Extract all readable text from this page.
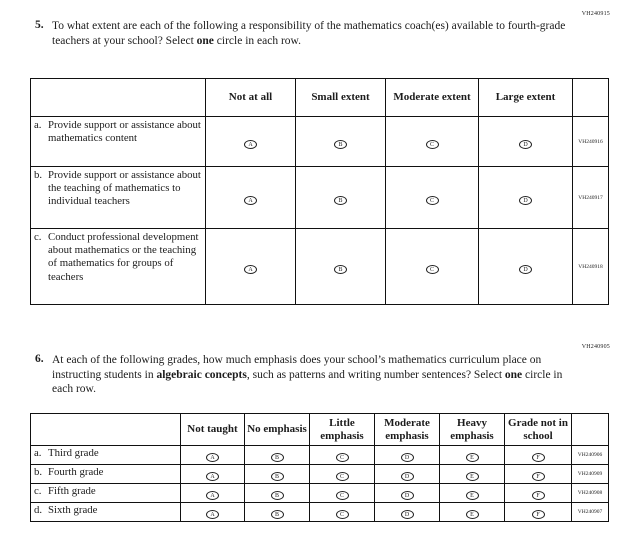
VH240915
5. To what extent are each of the following a responsibility of the mathematics coach(es) available to fourth-grade teachers at your school? Select one circle in each row.
	Not at all	Small extent	Moderate extent	Large extent	

a. Provide support or assistance about mathematics content	A	B	C	D	VH240916

b. Provide support or assistance about the teaching of mathematics to individual teachers	A	B	C	D	VH240917

c. Conduct professional development about mathematics or the teaching of mathematics for groups of teachers	A	B	C	D	VH240918
VH240905
6. At each of the following grades, how much emphasis does your school’s mathematics curriculum place on instructing students in algebraic concepts, such as patterns and writing number sentences? Select one circle in each row.
	Not taught	No emphasis	Little emphasis	Moderate emphasis	Heavy emphasis	Grade not in school	

a. Third grade	A	B	C	D	E	F	VH240906

b. Fourth grade	A	B	C	D	E	F	VH240909

c. Fifth grade	A	B	C	D	E	F	VH240908

d. Sixth grade	A	B	C	D	E	F	VH240907
